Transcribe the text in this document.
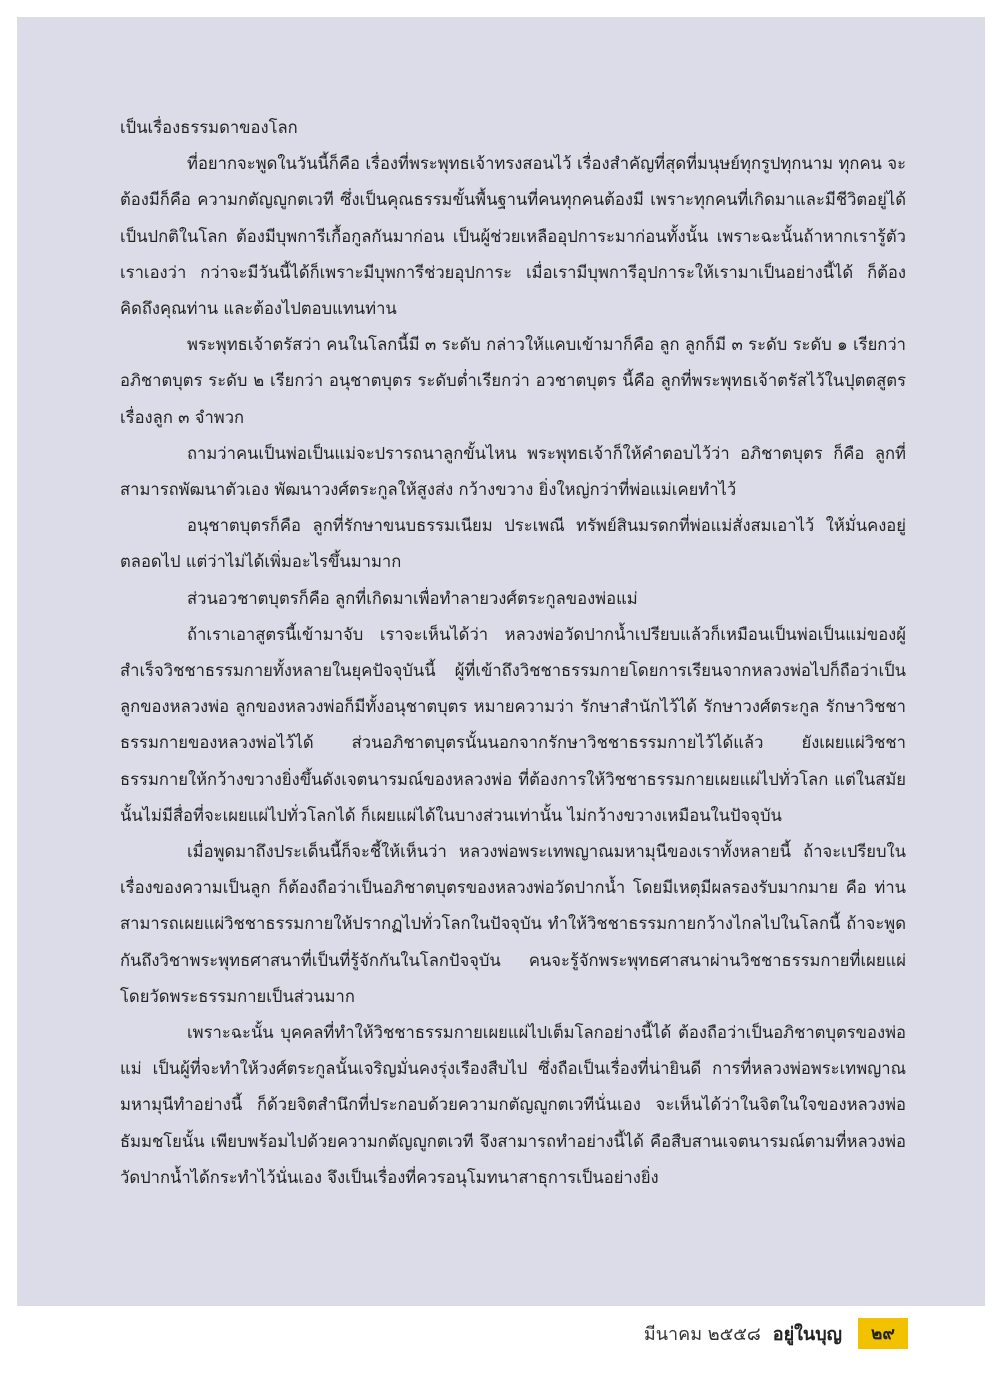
เป็นเรื่องธรรมดาของโลก

ที่อยากจะพูดในวันนี้ก็คือ เรื่องที่พระพุทธเจ้าทรงสอนไว้ เรื่องสำคัญที่สุดที่มนุษย์ทุกรูปทุกนาม ทุกคน จะต้องมีก็คือ ความกตัญญูกตเวที ซึ่งเป็นคุณธรรมขั้นพื้นฐานที่คนทุกคนต้องมี เพราะทุกคนที่เกิดมาและมีชีวิตอยู่ได้เป็นปกติในโลก ต้องมีบุพการีเกื้อกูลกันมาก่อน เป็นผู้ช่วยเหลืออุปการะมาก่อนทั้งนั้น เพราะฉะนั้นถ้าหากเรารู้ตัวเราเองว่า กว่าจะมีวันนี้ได้ก็เพราะมีบุพการีช่วยอุปการะ เมื่อเรามีบุพการีอุปการะให้เรามาเป็นอย่างนี้ได้ ก็ต้องคิดถึงคุณท่าน และต้องไปตอบแทนท่าน

พระพุทธเจ้าตรัสว่า คนในโลกนี้มี ๓ ระดับ กล่าวให้แคบเข้ามาก็คือ ลูก ลูกก็มี ๓ ระดับ ระดับ ๑ เรียกว่า อภิชาตบุตร ระดับ ๒ เรียกว่า อนุชาตบุตร ระดับต่ำเรียกว่า อวชาตบุตร นี้คือ ลูกที่พระพุทธเจ้าตรัสไว้ในปุตตสูตร เรื่องลูก ๓ จำพวก

ถามว่าคนเป็นพ่อเป็นแม่จะปรารถนาลูกขั้นไหน พระพุทธเจ้าก็ให้คำตอบไว้ว่า อภิชาตบุตร ก็คือ ลูกที่สามารถพัฒนาตัวเอง พัฒนาวงศ์ตระกูลให้สูงส่ง กว้างขวาง ยิ่งใหญ่กว่าที่พ่อแม่เคยทำไว้

อนุชาตบุตรก็คือ ลูกที่รักษาขนบธรรมเนียม ประเพณี ทรัพย์สินมรดกที่พ่อแม่สั่งสมเอาไว้ ให้มั่นคงอยู่ตลอดไป แต่ว่าไม่ได้เพิ่มอะไรขึ้นมามาก

ส่วนอวชาตบุตรก็คือ ลูกที่เกิดมาเพื่อทำลายวงศ์ตระกูลของพ่อแม่

ถ้าเราเอาสูตรนี้เข้ามาจับ เราจะเห็นได้ว่า หลวงพ่อวัดปากน้ำเปรียบแล้วก็เหมือนเป็นพ่อเป็นแม่ของผู้สำเร็จวิชชาธรรมกายทั้งหลายในยุคปัจจุบันนี้ ผู้ที่เข้าถึงวิชชาธรรมกายโดยการเรียนจากหลวงพ่อไปก็ถือว่าเป็นลูกของหลวงพ่อ ลูกของหลวงพ่อก็มีทั้งอนุชาตบุตร หมายความว่า รักษาสำนักไว้ได้ รักษาวงศ์ตระกูล รักษาวิชชาธรรมกายของหลวงพ่อไว้ได้ ส่วนอภิชาตบุตรนั้นนอกจากรักษาวิชชาธรรมกายไว้ได้แล้ว ยังเผยแผ่วิชชาธรรมกายให้กว้างขวางยิ่งขึ้นดังเจตนารมณ์ของหลวงพ่อ ที่ต้องการให้วิชชาธรรมกายเผยแผ่ไปทั่วโลก แต่ในสมัยนั้นไม่มีสื่อที่จะเผยแผ่ไปทั่วโลกได้ ก็เผยแผ่ได้ในบางส่วนเท่านั้น ไม่กว้างขวางเหมือนในปัจจุบัน

เมื่อพูดมาถึงประเด็นนี้ก็จะชี้ให้เห็นว่า หลวงพ่อพระเทพญาณมหามุนีของเราทั้งหลายนี้ ถ้าจะเปรียบในเรื่องของความเป็นลูก ก็ต้องถือว่าเป็นอภิชาตบุตรของหลวงพ่อวัดปากน้ำ โดยมีเหตุมีผลรองรับมากมาย คือ ท่านสามารถเผยแผ่วิชชาธรรมกายให้ปรากฏไปทั่วโลกในปัจจุบัน ทำให้วิชชาธรรมกายกว้างไกลไปในโลกนี้ ถ้าจะพูดกันถึงวิชาพระพุทธศาสนาที่เป็นที่รู้จักกันในโลกปัจจุบัน คนจะรู้จักพระพุทธศาสนาผ่านวิชชาธรรมกายที่เผยแผ่โดยวัดพระธรรมกายเป็นส่วนมาก

เพราะฉะนั้น บุคคลที่ทำให้วิชชาธรรมกายเผยแผ่ไปเต็มโลกอย่างนี้ได้ ต้องถือว่าเป็นอภิชาตบุตรของพ่อแม่ เป็นผู้ที่จะทำให้วงศ์ตระกูลนั้นเจริญมั่นคงรุ่งเรืองสืบไป ซึ่งถือเป็นเรื่องที่น่ายินดี การที่หลวงพ่อพระเทพญาณมหามุนีทำอย่างนี้ ก็ด้วยจิตสำนึกที่ประกอบด้วยความกตัญญูกตเวทีนั่นเอง จะเห็นได้ว่าในจิตในใจของหลวงพ่อธัมมชโยนั้น เพียบพร้อมไปด้วยความกตัญญูกตเวที จึงสามารถทำอย่างนี้ได้ คือสืบสานเจตนารมณ์ตามที่หลวงพ่อวัดปากน้ำได้กระทำไว้นั่นเอง จึงเป็นเรื่องที่ควรอนุโมทนาสาธุการเป็นอย่างยิ่ง

มีนาคม ๒๕๕๘ อยู่ในบุญ	๒๙
